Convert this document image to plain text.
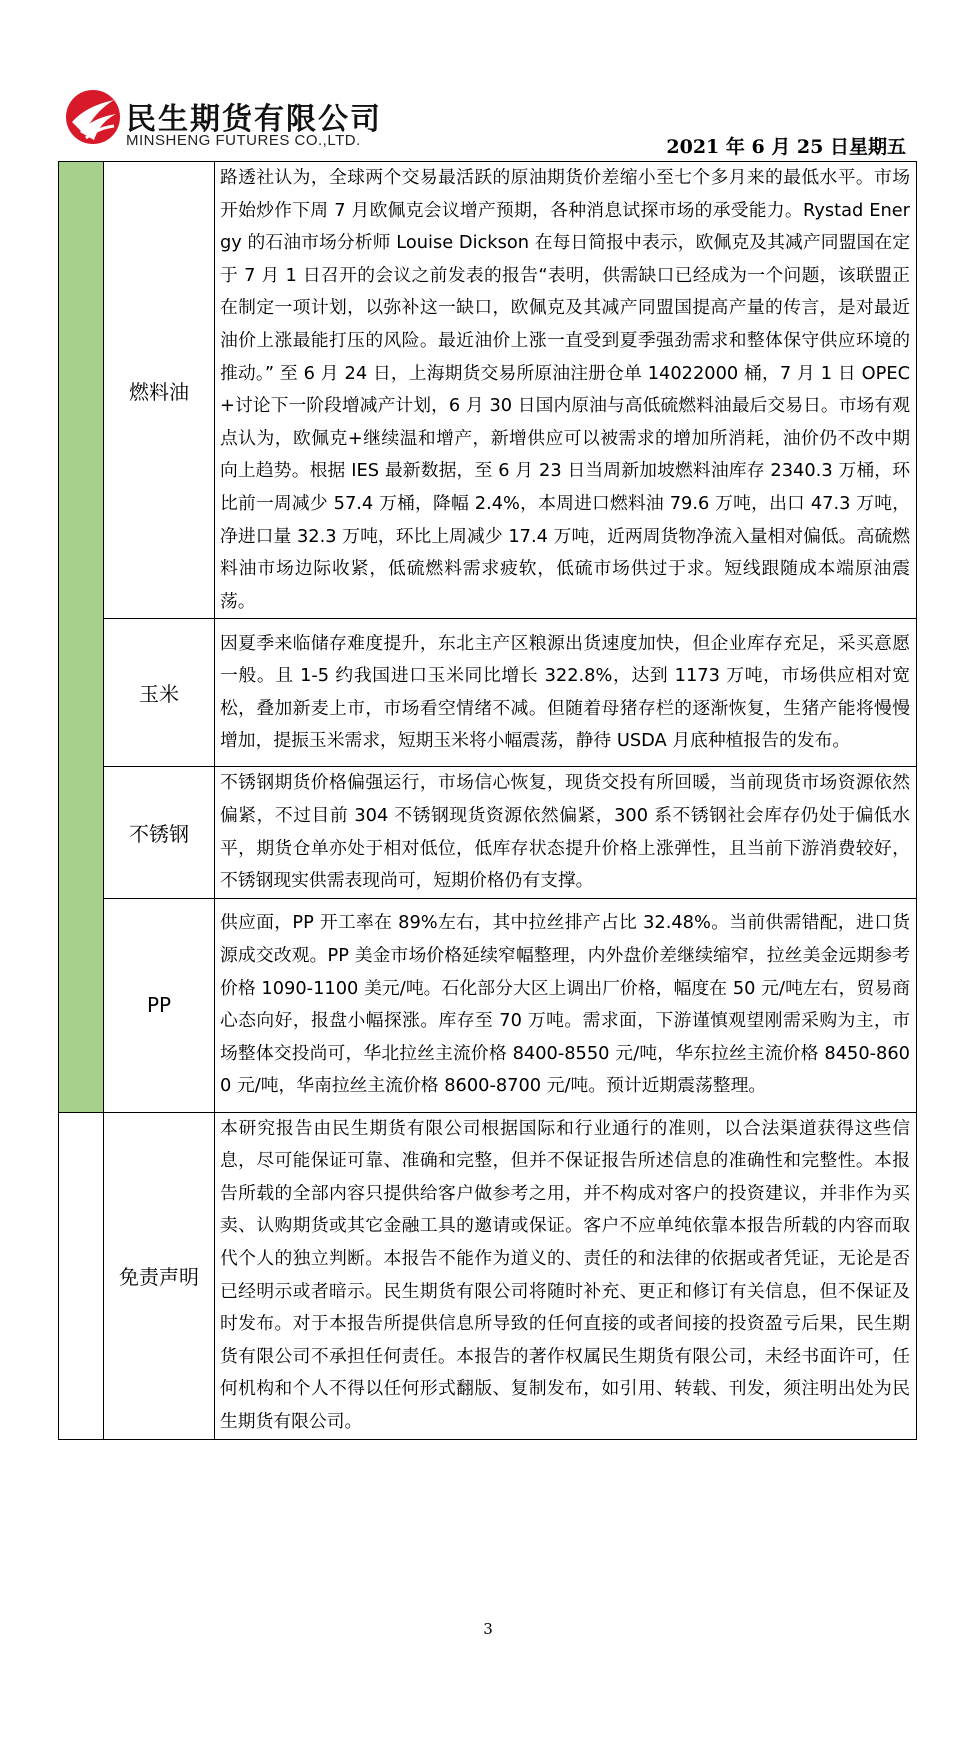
民生期货有限公司
MINSHENG FUTURES CO.,LTD.	2021 年 6 月 25 日星期五
	燃料油	路透社认为，全球两个交易最活跃的原油期货价差缩小至七个多月来的最低水平。市场开始炒作下周 7 月欧佩克会议增产预期，各种消息试探市场的承受能力。Rystad Energy 的石油市场分析师 Louise Dickson 在每日简报中表示，欧佩克及其减产同盟国在定于 7 月 1 日召开的会议之前发表的报告“表明，供需缺口已经成为一个问题，该联盟正在制定一项计划，以弥补这一缺口，欧佩克及其减产同盟国提高产量的传言，是对最近油价上涨最能打压的风险。最近油价上涨一直受到夏季强劲需求和整体保守供应环境的推动。” 至 6 月 24 日，上海期货交易所原油注册仓单 14022000 桶，7 月 1 日 OPEC+讨论下一阶段增减产计划，6 月 30 日国内原油与高低硫燃料油最后交易日。市场有观点认为，欧佩克+继续温和增产，新增供应可以被需求的增加所消耗，油价仍不改中期向上趋势。根据 IES 最新数据，至 6 月 23 日当周新加坡燃料油库存 2340.3 万桶，环比前一周减少 57.4 万桶，降幅 2.4%，本周进口燃料油 79.6 万吨，出口 47.3 万吨，净进口量 32.3 万吨，环比上周减少 17.4 万吨，近两周货物净流入量相对偏低。高硫燃料油市场边际收紧，低硫燃料需求疲软，低硫市场供过于求。短线跟随成本端原油震荡。
	玉米	因夏季来临储存难度提升，东北主产区粮源出货速度加快，但企业库存充足，采买意愿一般。且 1-5 约我国进口玉米同比增长 322.8%，达到 1173 万吨，市场供应相对宽松，叠加新麦上市，市场看空情绪不减。但随着母猪存栏的逐渐恢复，生猪产能将慢慢增加，提振玉米需求，短期玉米将小幅震荡，静待 USDA 月底种植报告的发布。
	不锈钢	不锈钢期货价格偏强运行，市场信心恢复，现货交投有所回暖，当前现货市场资源依然偏紧，不过目前 304 不锈钢现货资源依然偏紧，300 系不锈钢社会库存仍处于偏低水平，期货仓单亦处于相对低位，低库存状态提升价格上涨弹性，且当前下游消费较好，不锈钢现实供需表现尚可，短期价格仍有支撑。
	PP	供应面，PP 开工率在 89%左右，其中拉丝排产占比 32.48%。当前供需错配，进口货源成交改观。PP 美金市场价格延续窄幅整理，内外盘价差继续缩窄，拉丝美金远期参考价格 1090-1100 美元/吨。石化部分大区上调出厂价格，幅度在 50 元/吨左右，贸易商心态向好，报盘小幅探涨。库存至 70 万吨。需求面，下游谨慎观望刚需采购为主，市场整体交投尚可，华北拉丝主流价格 8400-8550 元/吨，华东拉丝主流价格 8450-8600 元/吨，华南拉丝主流价格 8600-8700 元/吨。预计近期震荡整理。
	免责声明	本研究报告由民生期货有限公司根据国际和行业通行的准则，以合法渠道获得这些信息，尽可能保证可靠、准确和完整，但并不保证报告所述信息的准确性和完整性。本报告所载的全部内容只提供给客户做参考之用，并不构成对客户的投资建议，并非作为买卖、认购期货或其它金融工具的邀请或保证。客户不应单纯依靠本报告所载的内容而取代个人的独立判断。本报告不能作为道义的、责任的和法律的依据或者凭证，无论是否已经明示或者暗示。民生期货有限公司将随时补充、更正和修订有关信息，但不保证及时发布。对于本报告所提供信息所导致的任何直接的或者间接的投资盈亏后果，民生期货有限公司不承担任何责任。本报告的著作权属民生期货有限公司，未经书面许可，任何机构和个人不得以任何形式翻版、复制发布，如引用、转载、刊发，须注明出处为民生期货有限公司。
3
